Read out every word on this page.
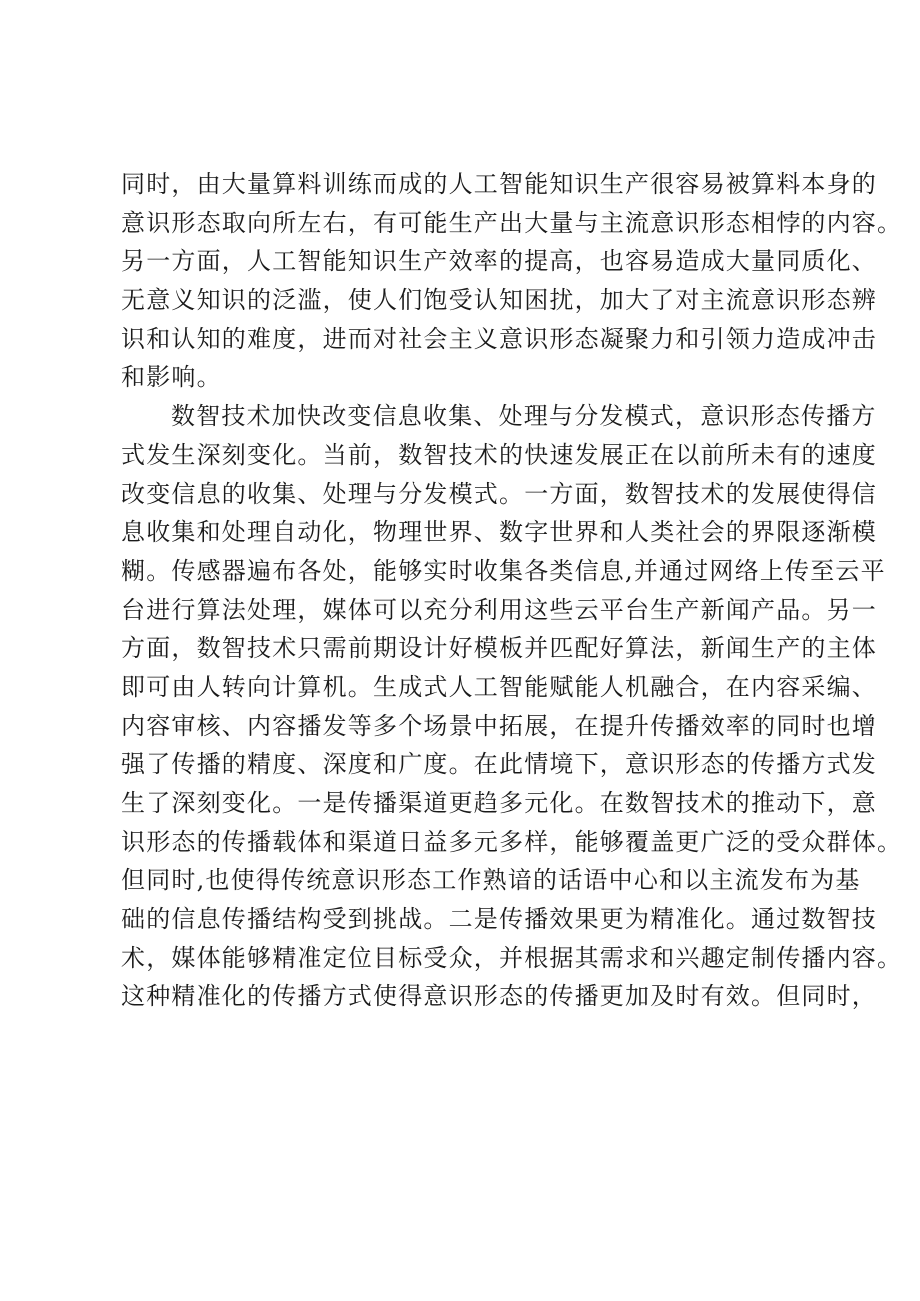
同时，由大量算料训练而成的人工智能知识生产很容易被算料本身的
意识形态取向所左右，有可能生产出大量与主流意识形态相悖的内容。
另一方面，人工智能知识生产效率的提高，也容易造成大量同质化、
无意义知识的泛滥，使人们饱受认知困扰，加大了对主流意识形态辨
识和认知的难度，进而对社会主义意识形态凝聚力和引领力造成冲击
和影响。
数智技术加快改变信息收集、处理与分发模式，意识形态传播方
式发生深刻变化。当前，数智技术的快速发展正在以前所未有的速度
改变信息的收集、处理与分发模式。一方面，数智技术的发展使得信
息收集和处理自动化，物理世界、数字世界和人类社会的界限逐渐模
糊。传感器遍布各处，能够实时收集各类信息,并通过网络上传至云平
台进行算法处理，媒体可以充分利用这些云平台生产新闻产品。另一
方面，数智技术只需前期设计好模板并匹配好算法，新闻生产的主体
即可由人转向计算机。生成式人工智能赋能人机融合，在内容采编、
内容审核、内容播发等多个场景中拓展，在提升传播效率的同时也增
强了传播的精度、深度和广度。在此情境下，意识形态的传播方式发
生了深刻变化。一是传播渠道更趋多元化。在数智技术的推动下，意
识形态的传播载体和渠道日益多元多样，能够覆盖更广泛的受众群体。
但同时,也使得传统意识形态工作熟谙的话语中心和以主流发布为基
础的信息传播结构受到挑战。二是传播效果更为精准化。通过数智技
术，媒体能够精准定位目标受众，并根据其需求和兴趣定制传播内容。
这种精准化的传播方式使得意识形态的传播更加及时有效。但同时，
